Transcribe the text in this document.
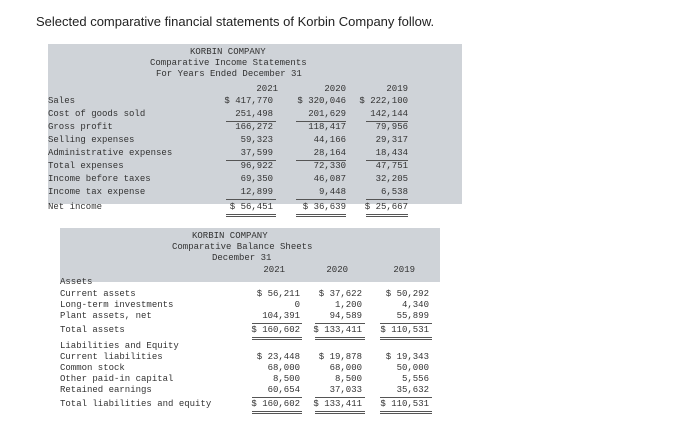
Selected comparative financial statements of Korbin Company follow.
KORBIN COMPANY
Comparative Income Statements
For Years Ended December 31
2021	2020	2019
Sales	$ 417,770	$ 320,046 $ 222,100
Cost of goods sold	251,498	201,629	142,144
Gross profit	166,272	118,417	79,956
Selling expenses	59,323	44,166	29,317
Administrative expenses	37,599	28,164	18,434
Total expenses	96,922	72,330	47,751
Income before taxes	69,350	46,087	32,205
Income tax expense	12,899	9,448	6,538
Net income	$ 56,451	$ 36,639	$ 25,667
KORBIN COMPANY
Comparative Balance Sheets
December 31
2021	2020	2019
Assets
Current assets	$ 56,211	$ 37,622	$ 50,292
Long-term investments	0	1,200	4,340
Plant assets, net	104,391	94,589	55,899
Total assets	$ 160,602	$ 133,411	$ 110,531
Liabilities and Equity
Current liabilities	$ 23,448	$ 19,878	$ 19,343
Common stock	68,000	68,000	50,000
Other paid-in capital	8,500	8,500	5,556
Retained earnings	60,654	37,033	35,632
Total liabilities and equity	$ 160,602	$ 133,411	$ 110,531
